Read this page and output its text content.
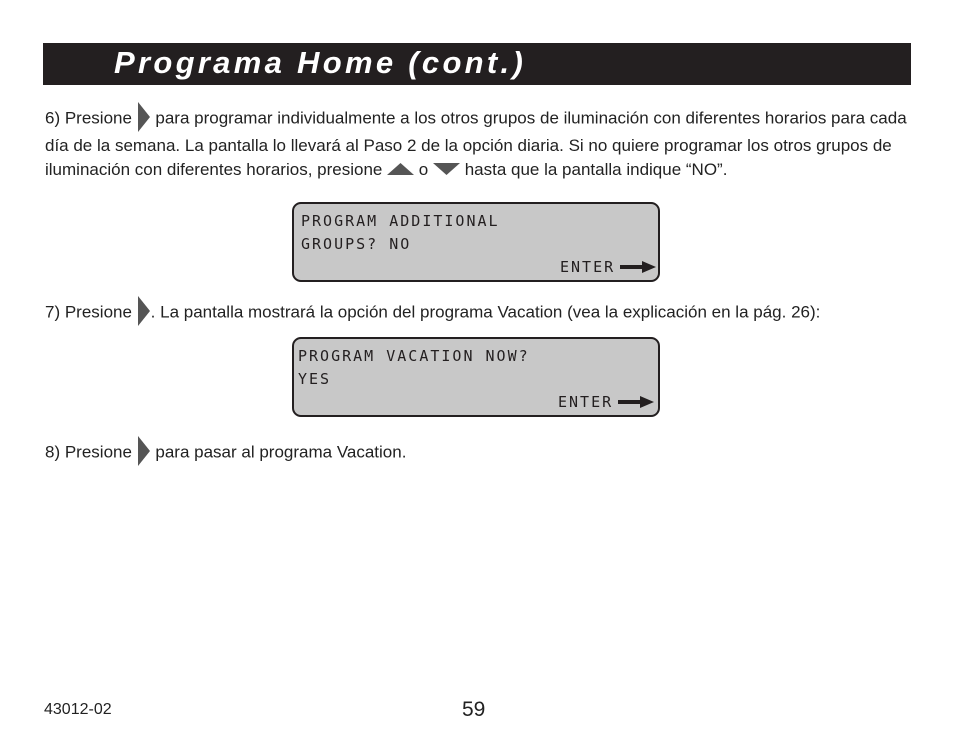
Programa Home (cont.)
6) Presione
para programar individualmente a los otros grupos de iluminación con diferentes horarios para cada día de la semana. La pantalla lo llevará al Paso 2 de la opción diaria. Si no quiere programar los otros grupos de iluminación con diferentes horarios, presione
o
hasta que la pantalla indique “NO”.
PROGRAM ADDITIONAL
GROUPS? NO
ENTER
7) Presione
. La pantalla mostrará la opción del programa Vacation (vea la explicación en la pág. 26):
PROGRAM VACATION NOW?
YES
ENTER
8) Presione
para pasar al programa Vacation.
43012-02	59
